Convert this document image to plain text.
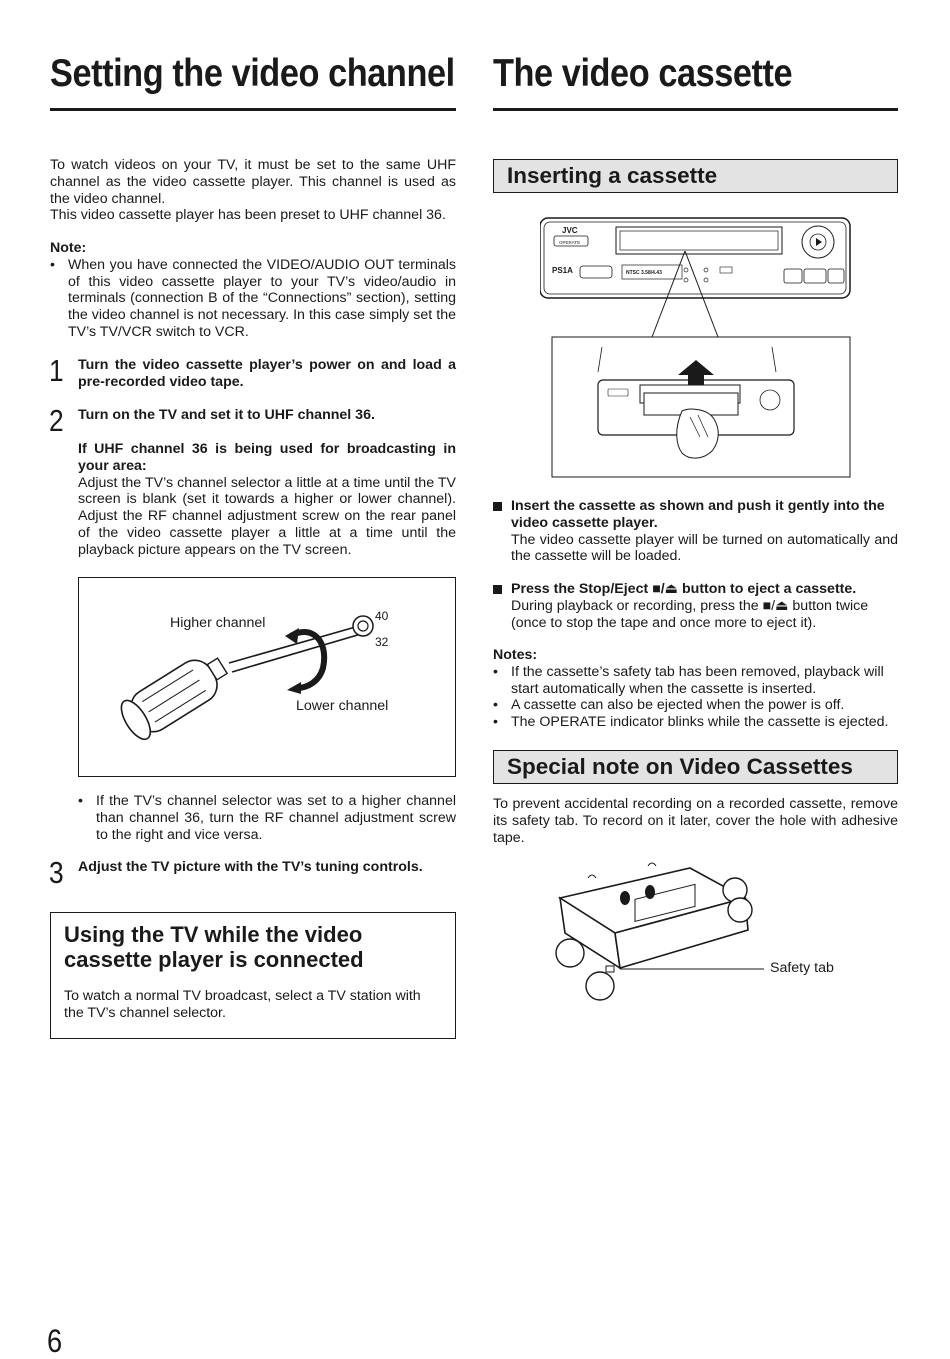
Setting the video channel

To watch videos on your TV, it must be set to the same UHF channel as the video cassette player. This channel is used as the video channel.

This video cassette player has been preset to UHF channel 36.

Note:

• When you have connected the VIDEO/AUDIO OUT terminals of this video cassette player to your TV’s video/audio in terminals (connection B of the “Connections” section), setting the video channel is not necessary. In this case simply set the TV’s TV/VCR switch to VCR.

1 Turn the video cassette player’s power on and load a pre-recorded video tape.

2 Turn on the TV and set it to UHF channel 36.

If UHF channel 36 is being used for broadcasting in your area:

Adjust the TV’s channel selector a little at a time until the TV screen is blank (set it towards a higher or lower channel). Adjust the RF channel adjustment screw on the rear panel of the video cassette player a little at a time until the playback picture appears on the TV screen.

Higher channel
Lower channel
40
32
• If the TV’s channel selector was set to a higher channel than channel 36, turn the RF channel adjustment screw to the right and vice versa.

3 Adjust the TV picture with the TV’s tuning controls.

Using the TV while the video cassette player is connected

To watch a normal TV broadcast, select a TV station with the TV’s channel selector.

The video cassette
Inserting a cassette
JVC
OPERATE
PS1A	NTSC 3.58/4.43

Insert the cassette as shown and push it gently into the video cassette player.

The video cassette player will be turned on automatically and the cassette will be loaded.

Press the Stop/Eject ■/⏏ button to eject a cassette.

During playback or recording, press the ■/⏏ button twice (once to stop the tape and once more to eject it).

Notes:

• If the cassette’s safety tab has been removed, playback will start automatically when the cassette is inserted.

• A cassette can also be ejected when the power is off.

• The OPERATE indicator blinks while the cassette is ejected.

Special note on Video Cassettes

To prevent accidental recording on a recorded cassette, remove its safety tab. To record on it later, cover the hole with adhesive tape.

Safety tab
6
